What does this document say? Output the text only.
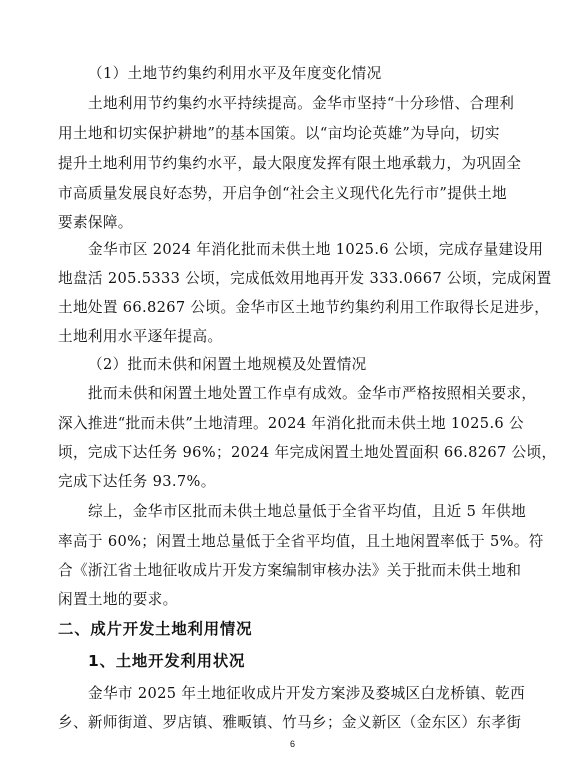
（1）土地节约集约利用水平及年度变化情况
土地利用节约集约水平持续提高。金华市坚持“十分珍惜、合理利
用土地和切实保护耕地”的基本国策。以“亩均论英雄”为导向，切实
提升土地利用节约集约水平，最大限度发挥有限土地承载力，为巩固全
市高质量发展良好态势，开启争创“社会主义现代化先行市”提供土地
要素保障。
金华市区 2024 年消化批而未供土地 1025.6 公顷，完成存量建设用
地盘活 205.5333 公顷，完成低效用地再开发 333.0667 公顷，完成闲置
土地处置 66.8267 公顷。金华市区土地节约集约利用工作取得长足进步，
土地利用水平逐年提高。
（2）批而未供和闲置土地规模及处置情况
批而未供和闲置土地处置工作卓有成效。金华市严格按照相关要求，
深入推进“批而未供”土地清理。2024 年消化批而未供土地 1025.6 公
顷，完成下达任务 96%；2024 年完成闲置土地处置面积 66.8267 公顷，
完成下达任务 93.7%。
综上，金华市区批而未供土地总量低于全省平均值，且近 5 年供地
率高于 60%；闲置土地总量低于全省平均值，且土地闲置率低于 5%。符
合《浙江省土地征收成片开发方案编制审核办法》关于批而未供土地和
闲置土地的要求。
二、成片开发土地利用情况
1、土地开发利用状况
金华市 2025 年土地征收成片开发方案涉及婺城区白龙桥镇、乾西
乡、新师街道、罗店镇、雅畈镇、竹马乡；金义新区（金东区）东孝街
6
